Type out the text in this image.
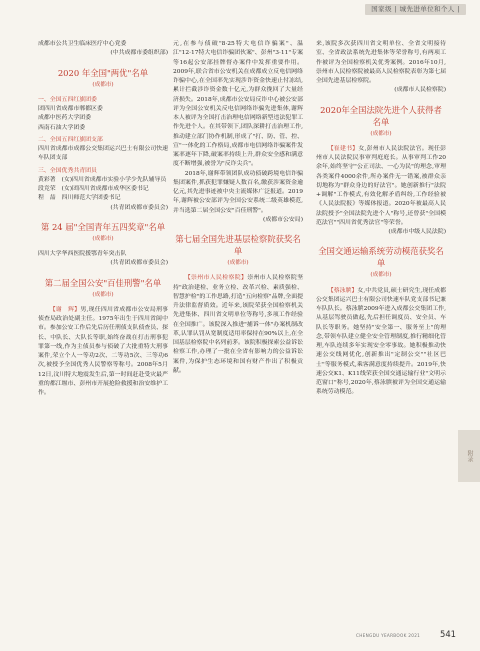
国家级 | 城先进单位和个人 |

成都市公共卫生临床医疗中心党委

(中共成都市委组织部)

2020 年全国"两优"名单
(成都市)

一、全国五四红旗团委

团四川省成都市郫都区委

成都中医药大学团委

西南石油大学团委

二、全国五四红旗团支部

四川省成都市成都公交集团运兴巴士有限公司快速车队团支部

三、全国优秀共青团员

黄彩著　(女)四川省成都市实验小学少先队辅导员

段竞荣　(女)团四川省成都市成华区委书记

程　喆　四川师范大学团委书记

(共青团成都市委员会)

第 24 届"全国青年五四奖章"名单
(成都市)

四川大学华西医院援鄂青年突击队

(共青团成都市委员会)

第二届全国公安"百佳刑警"名单
(成都市)

【谢　辉】男,现任四川省成都市公安局刑事侦查局政治处副主任。1975年出生于四川省阆中市。参加公安工作后先后历任刑侦支队侦查员、探长、中队长、大队长等职,始终奋战在打击刑事犯罪第一线,作为主侦员参与侦破了大批重特大刑事案件,荣立个人一等功2次、二等功5次、三等功6次,被授予全国优秀人民警察等称号。2008年5月12日,汶川特大地震发生后,第一时间赶赴受灾最严重的都江堰市、彭州市开展抢险救援和治安维护工作。

元,在参与侦破"8·25特大电信诈骗案"、温江"12·17特大电信诈骗团伙案"、彭州"3·11"专案等16起公安部挂牌督办案件中发挥重要作用。2009年,联合省市公安机关在成都成立反电信网络诈骗中心,在全国率先实现涉诈资金快速止付冻结,累计拦截涉诈资金数十亿元,为群众挽回了大量经济损失。2018年,成都市公安局反诈中心被公安部评为全国公安机关反电信网络诈骗先进集体,谢辉本人被评为全国打击治理电信网络新型违法犯罪工作先进个人。在其带领下,团队深耕打击治理工作,推动建立部门协作机制,形成了"打、防、管、控、宣"一体化的工作格局,成都市电信网络诈骗案件发案率逐年下降,破案率持续上升,群众安全感和满意度不断增强,被誉为"反诈尖兵"。

2018年,谢辉带领团队成功侦破跨境电信诈骗集团案件,抓获犯罪嫌疑人数百名,缴获涉案资金逾亿元,其先进事迹被中央主流媒体广泛报道。2019年,谢辉被公安部评为全国公安系统二级英雄模范,并当选第二届全国公安"百佳刑警"。

(成都市公安局)

第七届全国先进基层检察院获奖名单
(成都市)

【崇州市人民检察院】崇州市人民检察院坚持"政治建检、业务立检、改革兴检、素质强检、智慧护检"的工作思路,打造"五向检察"品牌,全面提升法律监督质效。近年来,该院荣获全国检察机关先进集体、四川省文明单位等称号,多项工作经验在全国推广。该院深入推进"捕诉一体"办案机制改革,认罪认罚从宽制度适用率保持在90%以上,在全国基层检察院中名列前茅。该院积极探索公益诉讼检察工作,办理了一批在全省有影响力的公益诉讼案件,为保护生态环境和国有财产作出了积极贡献。

来,该院多次获四川省文明单位、全省文明接待室、全省政法系统先进集体等荣誉称号,有两项工作被评为全国检察机关优秀案例。2016年10月,崇州市人民检察院被最高人民检察院表彰为第七届全国先进基层检察院。

(成都市人民检察院)

2020年全国法院先进个人获得者名单
(成都市)

【崔建书】女,彭州市人民法院法官。现任彭州市人民法院民事审判庭庭长。从事审判工作20余年,始终坚守"公正司法、一心为民"的理念,审理各类案件4000余件,所办案件无一错案,被群众亲切地称为"群众身边的好法官"。她创新推行"法院+调解"工作模式,有效化解矛盾纠纷,工作经验被《人民法院报》等媒体报道。2020年被最高人民法院授予"全国法院先进个人"称号,还曾获"全国模范法官""四川省优秀法官"等荣誉。

(成都市中级人民法院)

全国交通运输系统劳动模范获奖名单
(成都市)

【蔡泳膑】女,中共党员,硕士研究生,现任成都公交集团运兴巴士有限公司快速车队党支部书记兼车队队长。蔡泳膑2009年进入成都公交集团工作,从基层驾驶员做起,先后担任调度员、安全员、车队长等职务。她坚持"安全第一、服务至上"的理念,带领车队建立健全安全管理制度,推行精细化管理,车队连续多年实现安全零事故。她积极推动快速公交线网优化,创新推出"定制公交""社区巴士"等服务模式,乘客满意度持续提升。2019年,快速公交K1、K11线荣获全国交通运输行业"文明示范窗口"称号,2020年,蔡泳膑被评为全国交通运输系统劳动模范。

附录
CHENGDU YEARBOOK 2021 541
